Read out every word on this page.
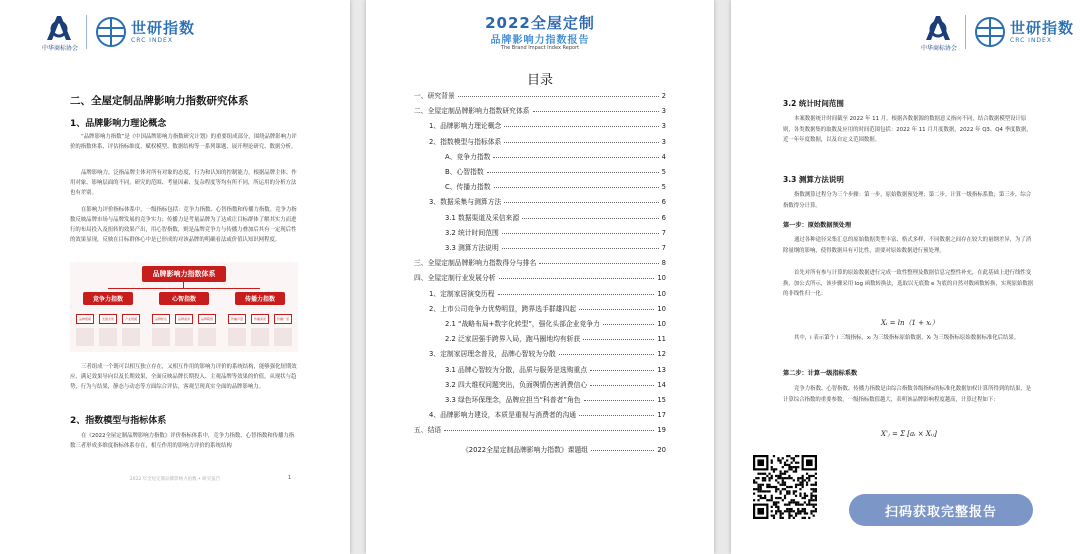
中华商标协会
世研指数
CRC INDEX
二、全屋定制品牌影响力指数研究体系
1、品牌影响力理论概念
“品牌影响力指数”是《中国品牌影响力指数研究计划》的重要组成部分，围绕品牌影响力评价的指数体系、评估指标维度、赋权模型、数据结构等一系列课题，展开理论研究、数据分析。
品牌影响力，泛指品牌主体对所有对象的态度，行为和认知的控制能力，根据品牌主体、作用对象、影响层面的不同，研究的范围、考量因素、复杂程度等均有所不同，所运用的分析方法也有差别。
在影响力评价指标体系中，一级指标包括：竞争力指数、心智指数和传播力指数。竞争力指数反映品牌市场与品牌发展的竞争实力；传播力是考量品牌为了达成让目标群体了解其实力而进行的布局投入及扭转的效果产出，用心智指数，则是品牌竞争力与传播力叠加后其有一定现后性的效果显现，反映在目标群体心中是已形成的对该品牌的明确看法或价值认知识网程度。
品牌影响力指数体系
竞争力指数	心智指数	传播力指数
品牌规模	发展态势	产业规模	品牌知名	品牌美誉	品牌联想	传播声量	传播深度	传播广度
三者组成一个既可以相互独立存在，又相互作用的影响力评价的系统结构，能够强化短期效应、满足效果导向以及长期效果，全面反映品牌长期投入、主观品牌等效果的价值，从现状与趋势，行为与结果，静态与动态等方面综合评估，客观呈现真实全面的品牌影响力。
2、指数模型与指标体系
在《2022全屋定制品牌影响力指数》评价指标体系中，竞争力指数、心智指数和传播力指数三者形成多维度指标体系存在，相互作用的影响力评价的系统结构
2022 年全屋定制品牌影响力指数 • 研究报告	1
2022全屋定制
品牌影响力指数报告
The Brand Impact Index Report
目录
一、研究背景	2
二、全屋定制品牌影响力指数研究体系	3
1、品牌影响力理论概念	3
2、指数模型与指标体系	3
A、竞争力指数	4
B、心智指数	5
C、传播力指数	5
3、数据采集与测算方法	6
3.1 数据渠道及采信来源	6
3.2 统计时间范围	7
3.3 测算方法说明	7
三、全屋定制品牌影响力指数得分与排名	8
四、全屋定制行业发展分析	10
1、定制家居演变历程	10
2、上市公司竞争力优势明显，跨界选手群雄四起	10
2.1 “战略布局+数字化转型”，强化头部企业竞争力	10
2.2 泛家居强手跨界入局，跑马圈地均有斩获	11
3、定制家居理念普及，品牌心智较为分散	12
3.1 品牌心智较为分散，品质与服务是选购重点	13
3.2 四大维权问题突出，负面舆情伤害消费信心	14
3.3 绿色环保理念，品牌应担当“科普者”角色	15
4、品牌影响力建设，本质是重视与消费者的沟通	17
五、结语	19
《2022全屋定制品牌影响力指数》课题组	20
中华商标协会
世研指数
CRC INDEX
3.2 统计时间范围
本案数据统计时间截至 2022 年 11 月。根据各数据源的数据意义指向不同，结合数据模型设计原则，各类数据集的取数及应用的时间范围包括：2022 年 11 月月度数据，2022 年 Q3、Q4 季度数据，近一年年度数据，以及自定义范围数据。
3.3 测算方法说明
指数测算过程分为三个步骤：第一步，原始数据预处理；第二步，计算一级指标系数；第三步，综合指数得分计算。
第一步：原始数据预处理
通过各种途径采集汇总的原始数据类型丰富、格式多样，不同数据之间存在较大的量纲差异，为了消除量纲的影响，使得数据具有可比性，需要对原始数据进行预处理。
首先对所有参与计算的原始数据进行完成一致性整理及数据信息完整性补充，在此基础上进行线性变换，加公式所示，该步骤采用 log 函数转换法，选取以无底数 e 为底的自然对数函数转换，实现原始数据的非线性归一化：
Xᵢ = ln（1 + xᵢ）
其中，i 表示第个 i 三级指标，xᵢ 为三级指标原始数据，Xᵢ 为三级指标原始数据标准化后结果。
第二步：计算一级指标系数
竞争力指数、心智指数、传播力指数是由综合指数各级指标的标准化数据加权计算所得到的结果，是计算综合指数的重要参数，一级指标数值越大，表明该品牌影响程度越高，计算过程如下：
X'ⱼ = Σ [aᵢ × Xᵢⱼ]
扫码获取完整报告
